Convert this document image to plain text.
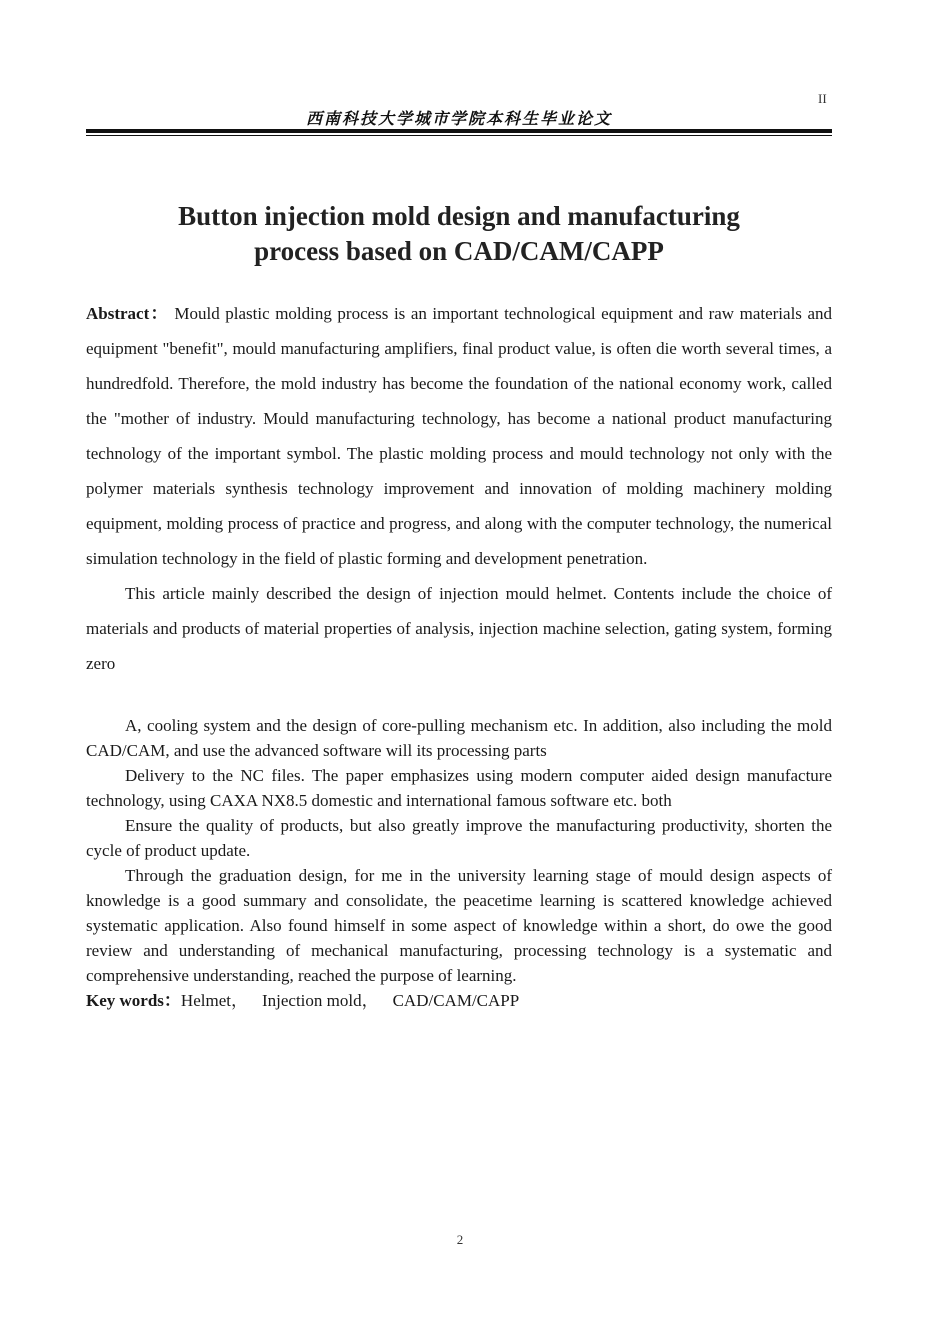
II
西南科技大学城市学院本科生毕业论文
Button injection mold design and manufacturing
process based on CAD/CAM/CAPP

Abstract： Mould plastic molding process is an important technological equipment and raw materials and equipment "benefit", mould manufacturing amplifiers, final product value, is often die worth several times, a hundredfold. Therefore, the mold industry has become the foundation of the national economy work, called the "mother of industry. Mould manufacturing technology, has become a national product manufacturing technology of the important symbol. The plastic molding process and mould technology not only with the polymer materials synthesis technology improvement and innovation of molding machinery molding equipment, molding process of practice and progress, and along with the computer technology, the numerical simulation technology in the field of plastic forming and development penetration.

This article mainly described the design of injection mould helmet. Contents include the choice of materials and products of material properties of analysis, injection machine selection, gating system, forming zero

A, cooling system and the design of core-pulling mechanism etc. In addition, also including the mold CAD/CAM, and use the advanced software will its processing parts

Delivery to the NC files. The paper emphasizes using modern computer aided design manufacture technology, using CAXA NX8.5 domestic and international famous software etc. both

Ensure the quality of products, but also greatly improve the manufacturing productivity, shorten the cycle of product update.

Through the graduation design, for me in the university learning stage of mould design aspects of knowledge is a good summary and consolidate, the peacetime learning is scattered knowledge achieved systematic application. Also found himself in some aspect of knowledge within a short, do owe the good review and understanding of mechanical manufacturing, processing technology is a systematic and comprehensive understanding, reached the purpose of learning.

Key words：Helmet， Injection mold， CAD/CAM/CAPP

2
